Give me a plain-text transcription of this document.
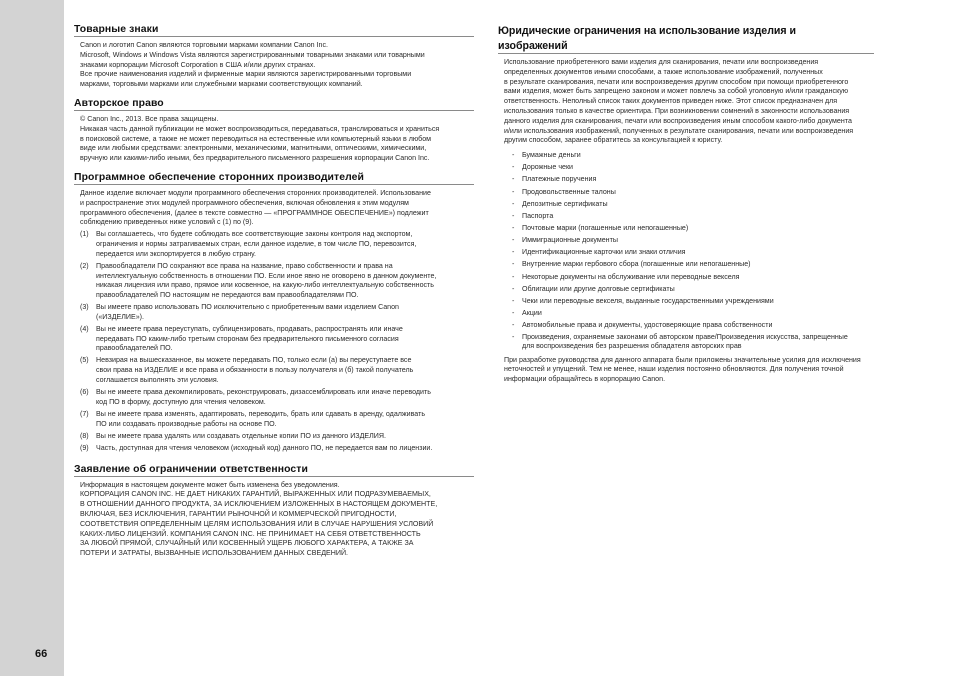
66
Товарные знаки

Canon и логотип Canon являются торговыми марками компании Canon Inc.

Microsoft, Windows и Windows Vista являются зарегистрированными товарными знаками или товарными

знаками корпорации Microsoft Corporation в США и/или других странах.

Все прочие наименования изделий и фирменные марки являются зарегистрированными торговыми

марками, торговыми марками или служебными марками соответствующих компаний.

Авторское право

© Canon Inc., 2013. Все права защищены.

Никакая часть данной публикации не может воспроизводиться, передаваться, транслироваться и храниться

в поисковой системе, а также не может переводиться на естественные или компьютерный языки в любом

виде или любыми средствами: электронными, механическими, магнитными, оптическими, химическими,

вручную или какими-либо иными, без предварительного письменного разрешения корпорации Canon Inc.

Программное обеспечение сторонних производителей

Данное изделие включает модули программного обеспечения сторонних производителей. Использование

и распространение этих модулей программного обеспечения, включая обновления к этим модулям

программного обеспечения, (далее в тексте совместно — «ПРОГРАММНОЕ ОБЕСПЕЧЕНИЕ») подлежит

соблюдению приведенных ниже условий с (1) по (9).

(1)	Вы соглашаетесь, что будете соблюдать все соответствующие законы контроля над экспортом,
ограничения и нормы затрагиваемых стран, если данное изделие, в том числе ПО, перевозится,
передается или экспортируется в любую страну.
(2)	Правообладатели ПО сохраняют все права на название, право собственности и права на
интеллектуальную собственность в отношении ПО. Если иное явно не оговорено в данном документе,
никакая лицензия или право, прямое или косвенное, на какую-либо интеллектуальную собственность
правообладателей ПО настоящим не передаются вам правообладателями ПО.
(3)	Вы имеете право использовать ПО исключительно с приобретенным вами изделием Canon
(«ИЗДЕЛИЕ»).
(4)	Вы не имеете права переуступать, сублицензировать, продавать, распространять или иначе
передавать ПО каким-либо третьим сторонам без предварительного письменного согласия
правообладателей ПО.
(5)	Невзирая на вышесказанное, вы можете передавать ПО, только если (а) вы переуступаете все
свои права на ИЗДЕЛИЕ и все права и обязанности в пользу получателя и (б) такой получатель
соглашается выполнять эти условия.
(6)	Вы не имеете права декомпилировать, реконструировать, дизассемблировать или иначе переводить
код ПО в форму, доступную для чтения человеком.
(7)	Вы не имеете права изменять, адаптировать, переводить, брать или сдавать в аренду, одалживать
ПО или создавать производные работы на основе ПО.
(8)	Вы не имеете права удалять или создавать отдельные копии ПО из данного ИЗДЕЛИЯ.
(9)	Часть, доступная для чтения человеком (исходный код) данного ПО, не передается вам по лицензии.
Заявление об ограничении ответственности

Информация в настоящем документе может быть изменена без уведомления.

КОРПОРАЦИЯ CANON INC. НЕ ДАЕТ НИКАКИХ ГАРАНТИЙ, ВЫРАЖЕННЫХ ИЛИ ПОДРАЗУМЕВАЕМЫХ,

В ОТНОШЕНИИ ДАННОГО ПРОДУКТА, ЗА ИСКЛЮЧЕНИЕМ ИЗЛОЖЕННЫХ В НАСТОЯЩЕМ ДОКУМЕНТЕ,

ВКЛЮЧАЯ, БЕЗ ИСКЛЮЧЕНИЯ, ГАРАНТИИ РЫНОЧНОЙ И КОММЕРЧЕСКОЙ ПРИГОДНОСТИ,

СООТВЕТСТВИЯ ОПРЕДЕЛЕННЫМ ЦЕЛЯМ ИСПОЛЬЗОВАНИЯ ИЛИ В СЛУЧАЕ НАРУШЕНИЯ УСЛОВИЙ

КАКИХ-ЛИБО ЛИЦЕНЗИЙ. КОМПАНИЯ CANON INC. НЕ ПРИНИМАЕТ НА СЕБЯ ОТВЕТСТВЕННОСТЬ

ЗА ЛЮБОЙ ПРЯМОЙ, СЛУЧАЙНЫЙ ИЛИ КОСВЕННЫЙ УЩЕРБ ЛЮБОГО ХАРАКТЕРА, А ТАКЖЕ ЗА

ПОТЕРИ И ЗАТРАТЫ, ВЫЗВАННЫЕ ИСПОЛЬЗОВАНИЕМ ДАННЫХ СВЕДЕНИЙ.

Юридические ограничения на использование изделия и
изображений

Использование приобретенного вами изделия для сканирования, печати или воспроизведения

определенных документов иными способами, а также использование изображений, полученных

в результате сканирования, печати или воспроизведения другим способом при помощи приобретенного

вами изделия, может быть запрещено законом и может повлечь за собой уголовную и/или гражданскую

ответственность. Неполный список таких документов приведен ниже. Этот список предназначен для

использования только в качестве ориентира. При возникновении сомнений в законности использования

данного изделия для сканирования, печати или воспроизведения иным способом какого-либо документа

и/или использования изображений, полученных в результате сканирования, печати или воспроизведения

другим способом, заранее обратитесь за консультацией к юристу.

-	Бумажные деньги
-	Дорожные чеки
-	Платежные поручения
-	Продовольственные талоны
-	Депозитные сертификаты
-	Паспорта
-	Почтовые марки (погашенные или непогашенные)
-	Иммиграционные документы
-	Идентификационные карточки или знаки отличия
-	Внутренние марки гербового сбора (погашенные или непогашенные)
-	Некоторые документы на обслуживание или переводные векселя
-	Облигации или другие долговые сертификаты
-	Чеки или переводные векселя, выданные государственными учреждениями
-	Акции
-	Автомобильные права и документы, удостоверяющие права собственности
-	Произведения, охраняемые законами об авторском праве/Произведения искусства, запрещенные
для воспроизведения без разрешения обладателя авторских прав

При разработке руководства для данного аппарата были приложены значительные усилия для исключения

неточностей и упущений. Тем не менее, наши изделия постоянно обновляются. Для получения точной

информации обращайтесь в корпорацию Canon.
